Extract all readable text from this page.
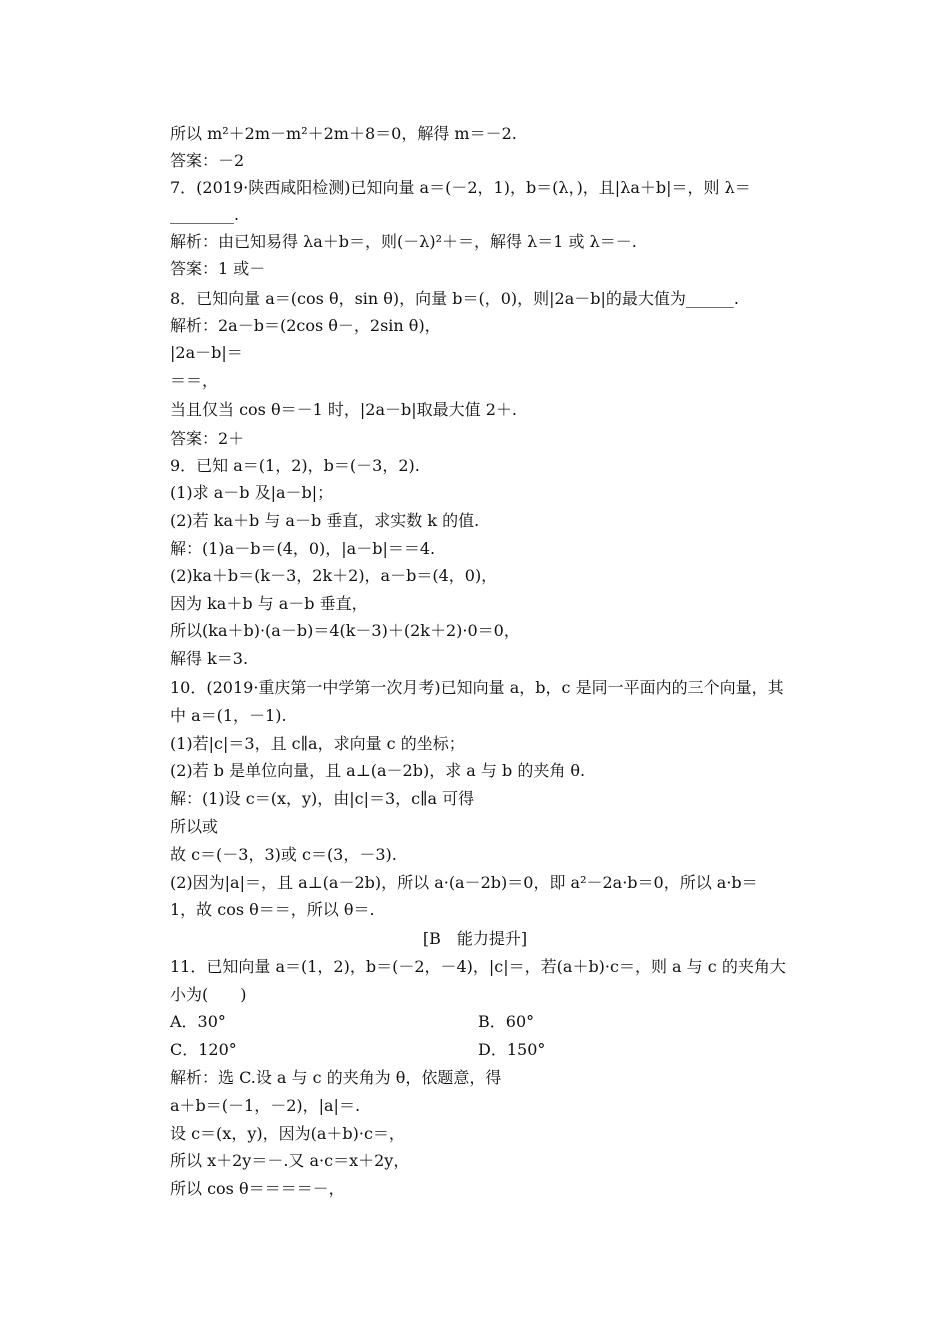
所以 m²＋2m－m²＋2m＋8＝0，解得 m＝－2.
答案：－2
7．(2019·陕西咸阳检测)已知向量 a＝(－2，1)，b＝(λ，)，且|λa＋b|＝，则 λ＝
________.
解析：由已知易得 λa＋b＝，则(－λ)²＋＝，解得 λ＝1 或 λ＝－.
答案：1 或－
8．已知向量 a＝(cos θ，sin θ)，向量 b＝(，0)，则|2a－b|的最大值为______.
解析：2a－b＝(2cos θ－，2sin θ)，
|2a－b|＝
＝＝，
当且仅当 cos θ＝－1 时，|2a－b|取最大值 2＋.
答案：2＋
9．已知 a＝(1，2)，b＝(－3，2).
(1)求 a－b 及|a－b|；
(2)若 ka＋b 与 a－b 垂直，求实数 k 的值.
解：(1)a－b＝(4，0)，|a－b|＝＝4.
(2)ka＋b＝(k－3，2k＋2)，a－b＝(4，0)，
因为 ka＋b 与 a－b 垂直，
所以(ka＋b)·(a－b)＝4(k－3)＋(2k＋2)·0＝0，
解得 k＝3.
10．(2019·重庆第一中学第一次月考)已知向量 a，b，c 是同一平面内的三个向量，其
中 a＝(1，－1).
(1)若|c|＝3，且 c∥a，求向量 c 的坐标；
(2)若 b 是单位向量，且 a⊥(a－2b)，求 a 与 b 的夹角 θ.
解：(1)设 c＝(x，y)，由|c|＝3，c∥a 可得
所以或
故 c＝(－3，3)或 c＝(3，－3).
(2)因为|a|＝，且 a⊥(a－2b)，所以 a·(a－2b)＝0，即 a²－2a·b＝0，所以 a·b＝
1，故 cos θ＝＝，所以 θ＝.
[B　能力提升]
11．已知向量 a＝(1，2)，b＝(－2，－4)，|c|＝，若(a＋b)·c＝，则 a 与 c 的夹角大
小为(　　)
A．30°	B．60°
C．120°	D．150°
解析：选 C.设 a 与 c 的夹角为 θ，依题意，得
a＋b＝(－1，－2)，|a|＝.
设 c＝(x，y)，因为(a＋b)·c＝，
所以 x＋2y＝－.又 a·c＝x＋2y，
所以 cos θ＝＝＝＝－，
